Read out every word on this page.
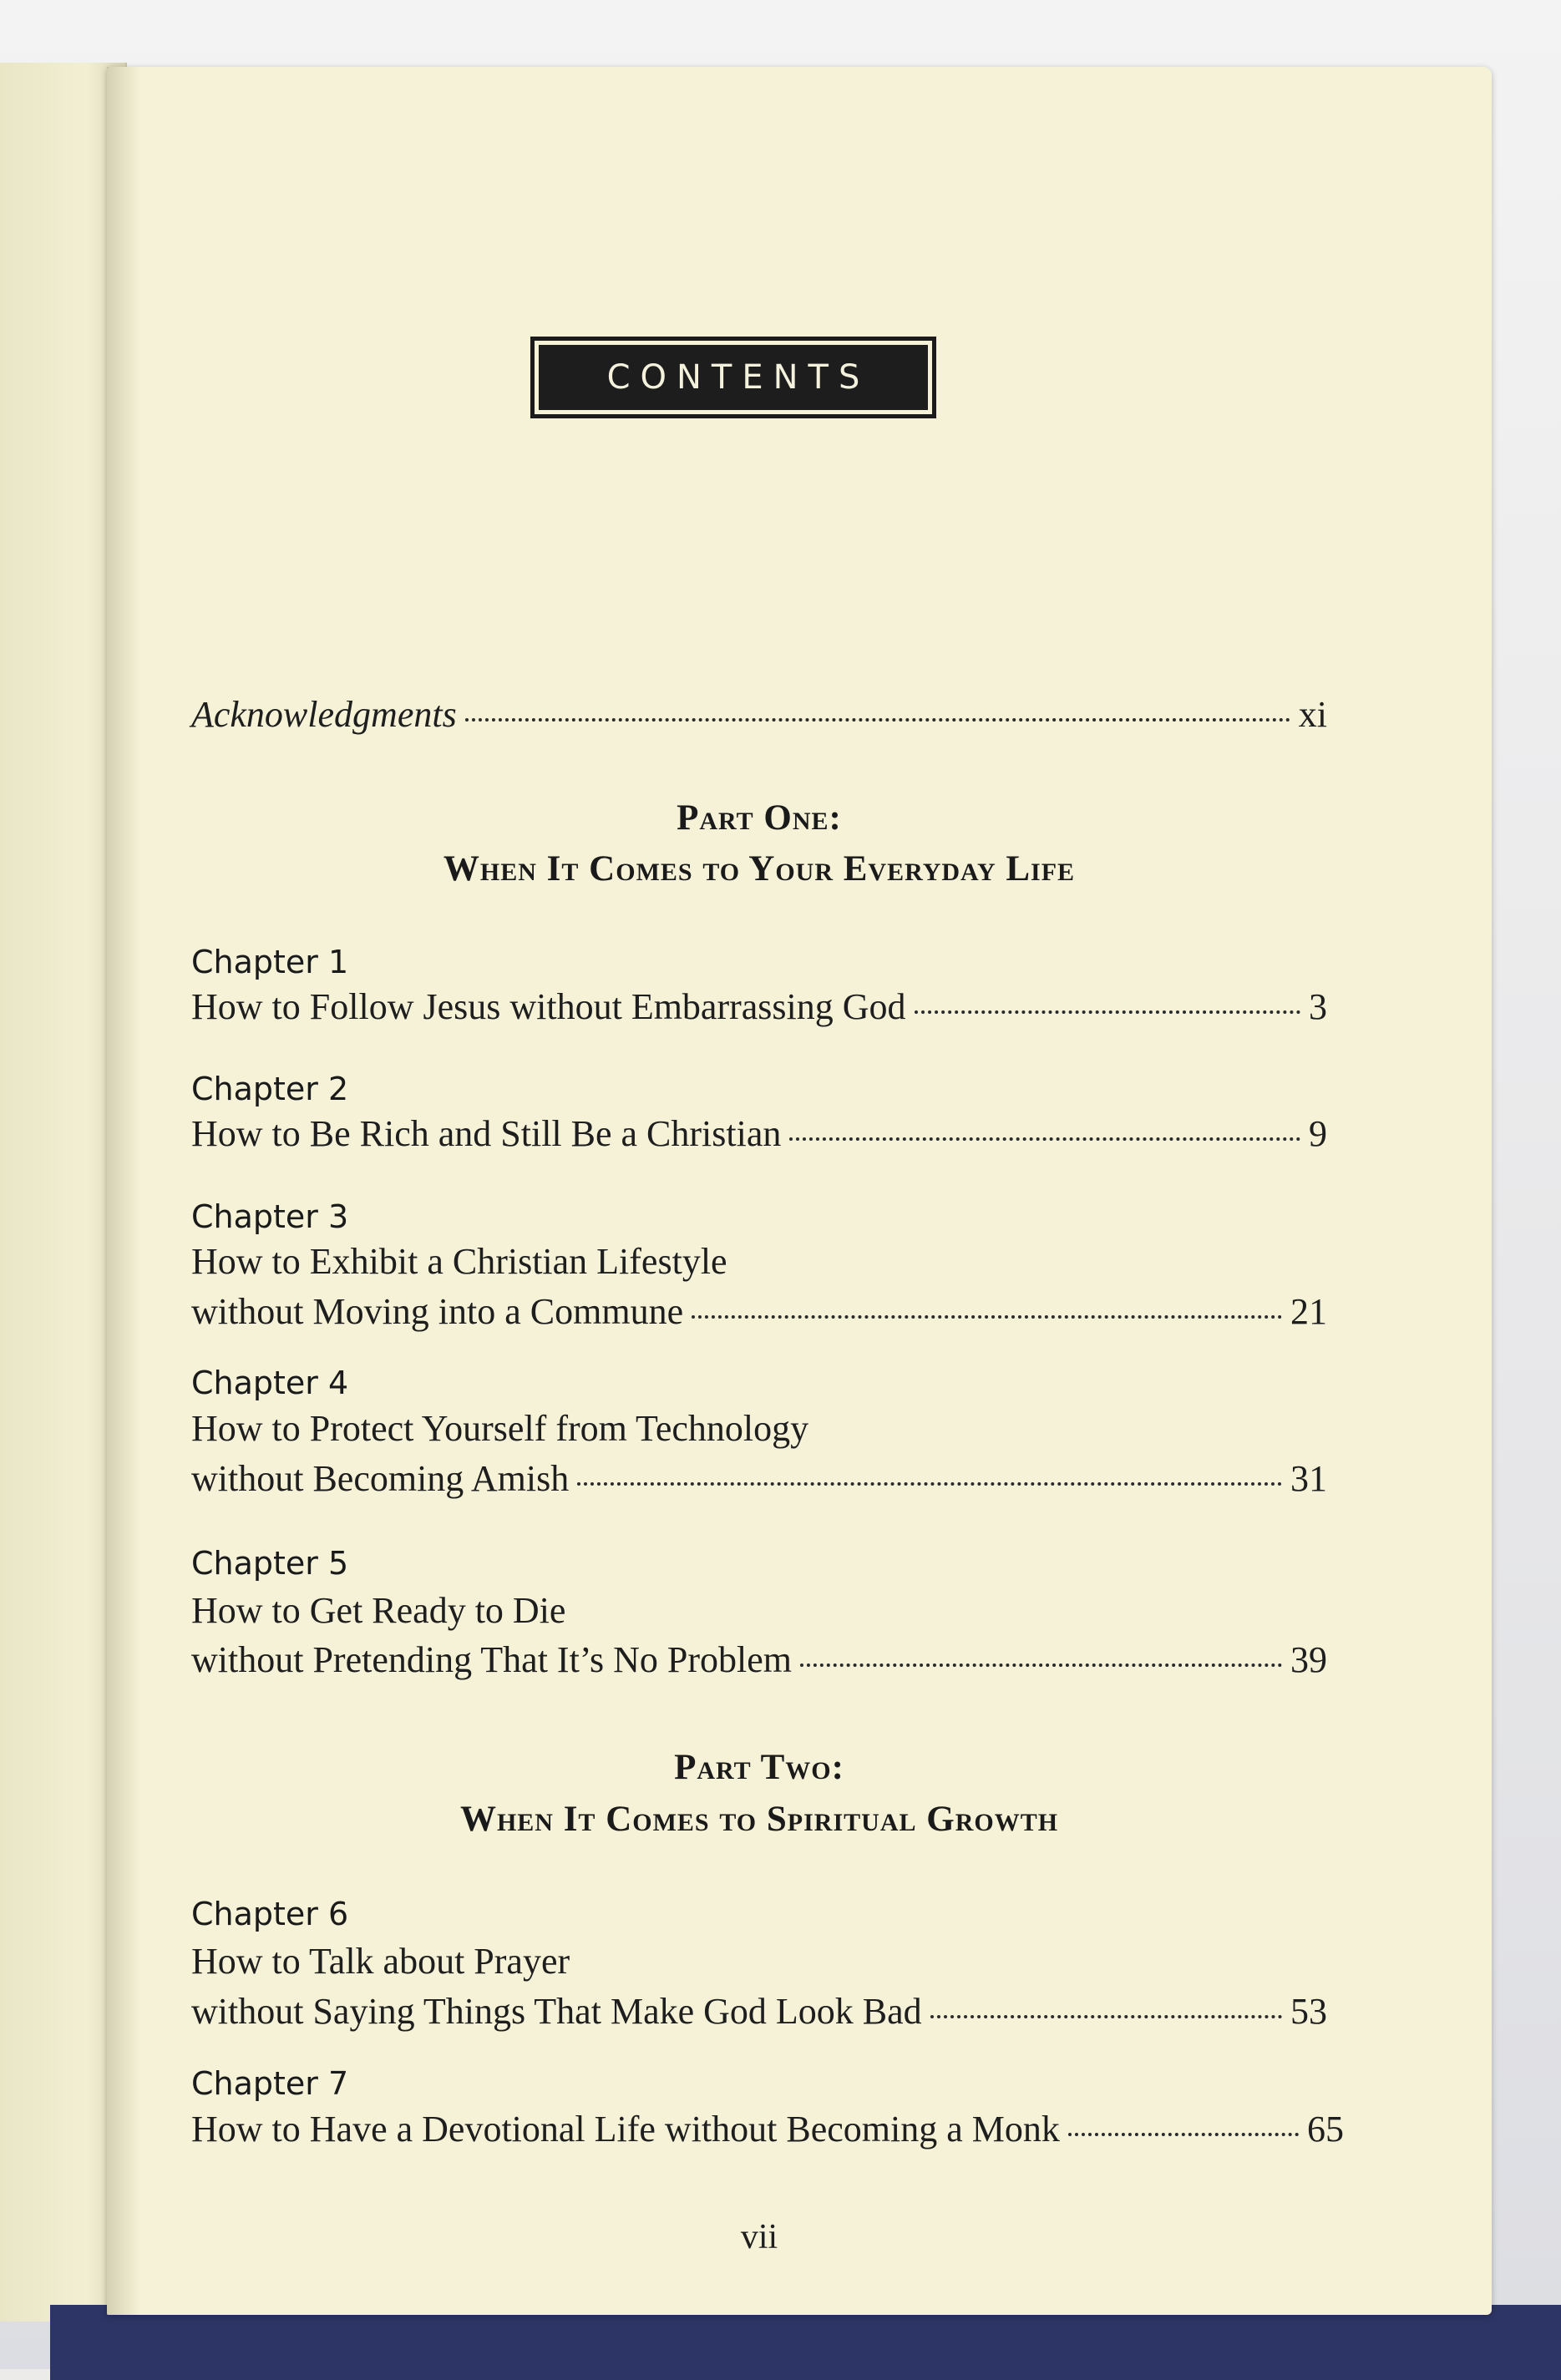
CONTENTS
Acknowledgments	xi
Part One:
When It Comes to Your Everyday Life
Chapter 1
How to Follow Jesus without Embarrassing God	3
Chapter 2
How to Be Rich and Still Be a Christian	9
Chapter 3
How to Exhibit a Christian Lifestyle
without Moving into a Commune	21
Chapter 4
How to Protect Yourself from Technology
without Becoming Amish	31
Chapter 5
How to Get Ready to Die
without Pretending That It’s No Problem	39
Part Two:
When It Comes to Spiritual Growth
Chapter 6
How to Talk about Prayer
without Saying Things That Make God Look Bad	53
Chapter 7
How to Have a Devotional Life without Becoming a Monk	65
vii
